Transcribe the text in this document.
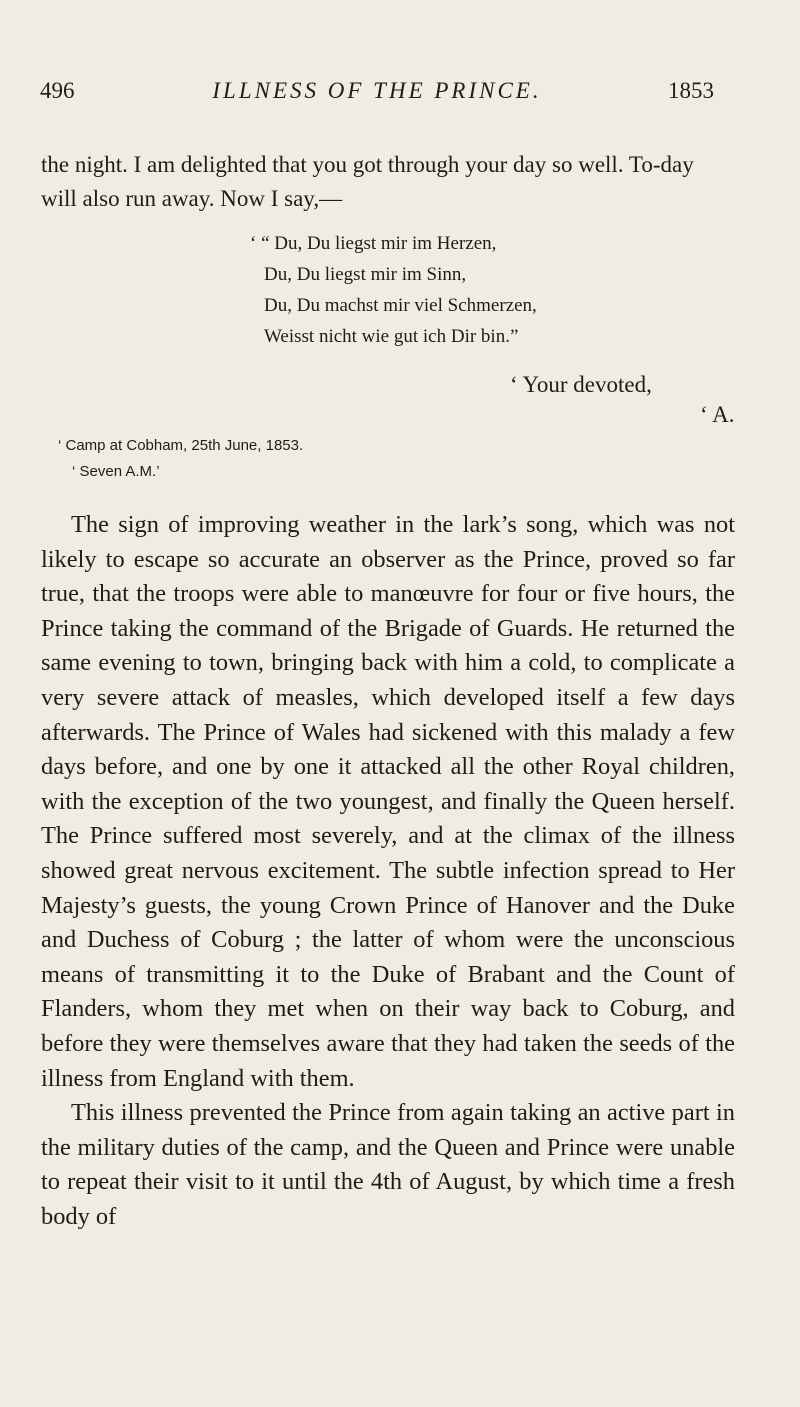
496	ILLNESS OF THE PRINCE.	1853

the night. I am delighted that you got through your day so well. To-day will also run away. Now I say,—

‘ “ Du, Du liegst mir im Herzen,
Du, Du liegst mir im Sinn,
Du, Du machst mir viel Schmerzen,
Weisst nicht wie gut ich Dir bin.”
‘ Your devoted,
‘ A.
‘ Camp at Cobham, 25th June, 1853.
‘ Seven A.M.’

The sign of improving weather in the lark’s song, which was not likely to escape so accurate an observer as the Prince, proved so far true, that the troops were able to manœuvre for four or five hours, the Prince taking the command of the Brigade of Guards. He returned the same evening to town, bringing back with him a cold, to complicate a very severe attack of measles, which developed itself a few days afterwards. The Prince of Wales had sickened with this malady a few days before, and one by one it attacked all the other Royal children, with the exception of the two youngest, and finally the Queen herself. The Prince suffered most severely, and at the climax of the illness showed great nervous excitement. The subtle infection spread to Her Majesty’s guests, the young Crown Prince of Hanover and the Duke and Duchess of Coburg ; the latter of whom were the unconscious means of transmitting it to the Duke of Brabant and the Count of Flanders, whom they met when on their way back to Coburg, and before they were themselves aware that they had taken the seeds of the illness from England with them.

This illness prevented the Prince from again taking an active part in the military duties of the camp, and the Queen and Prince were unable to repeat their visit to it until the 4th of August, by which time a fresh body of
